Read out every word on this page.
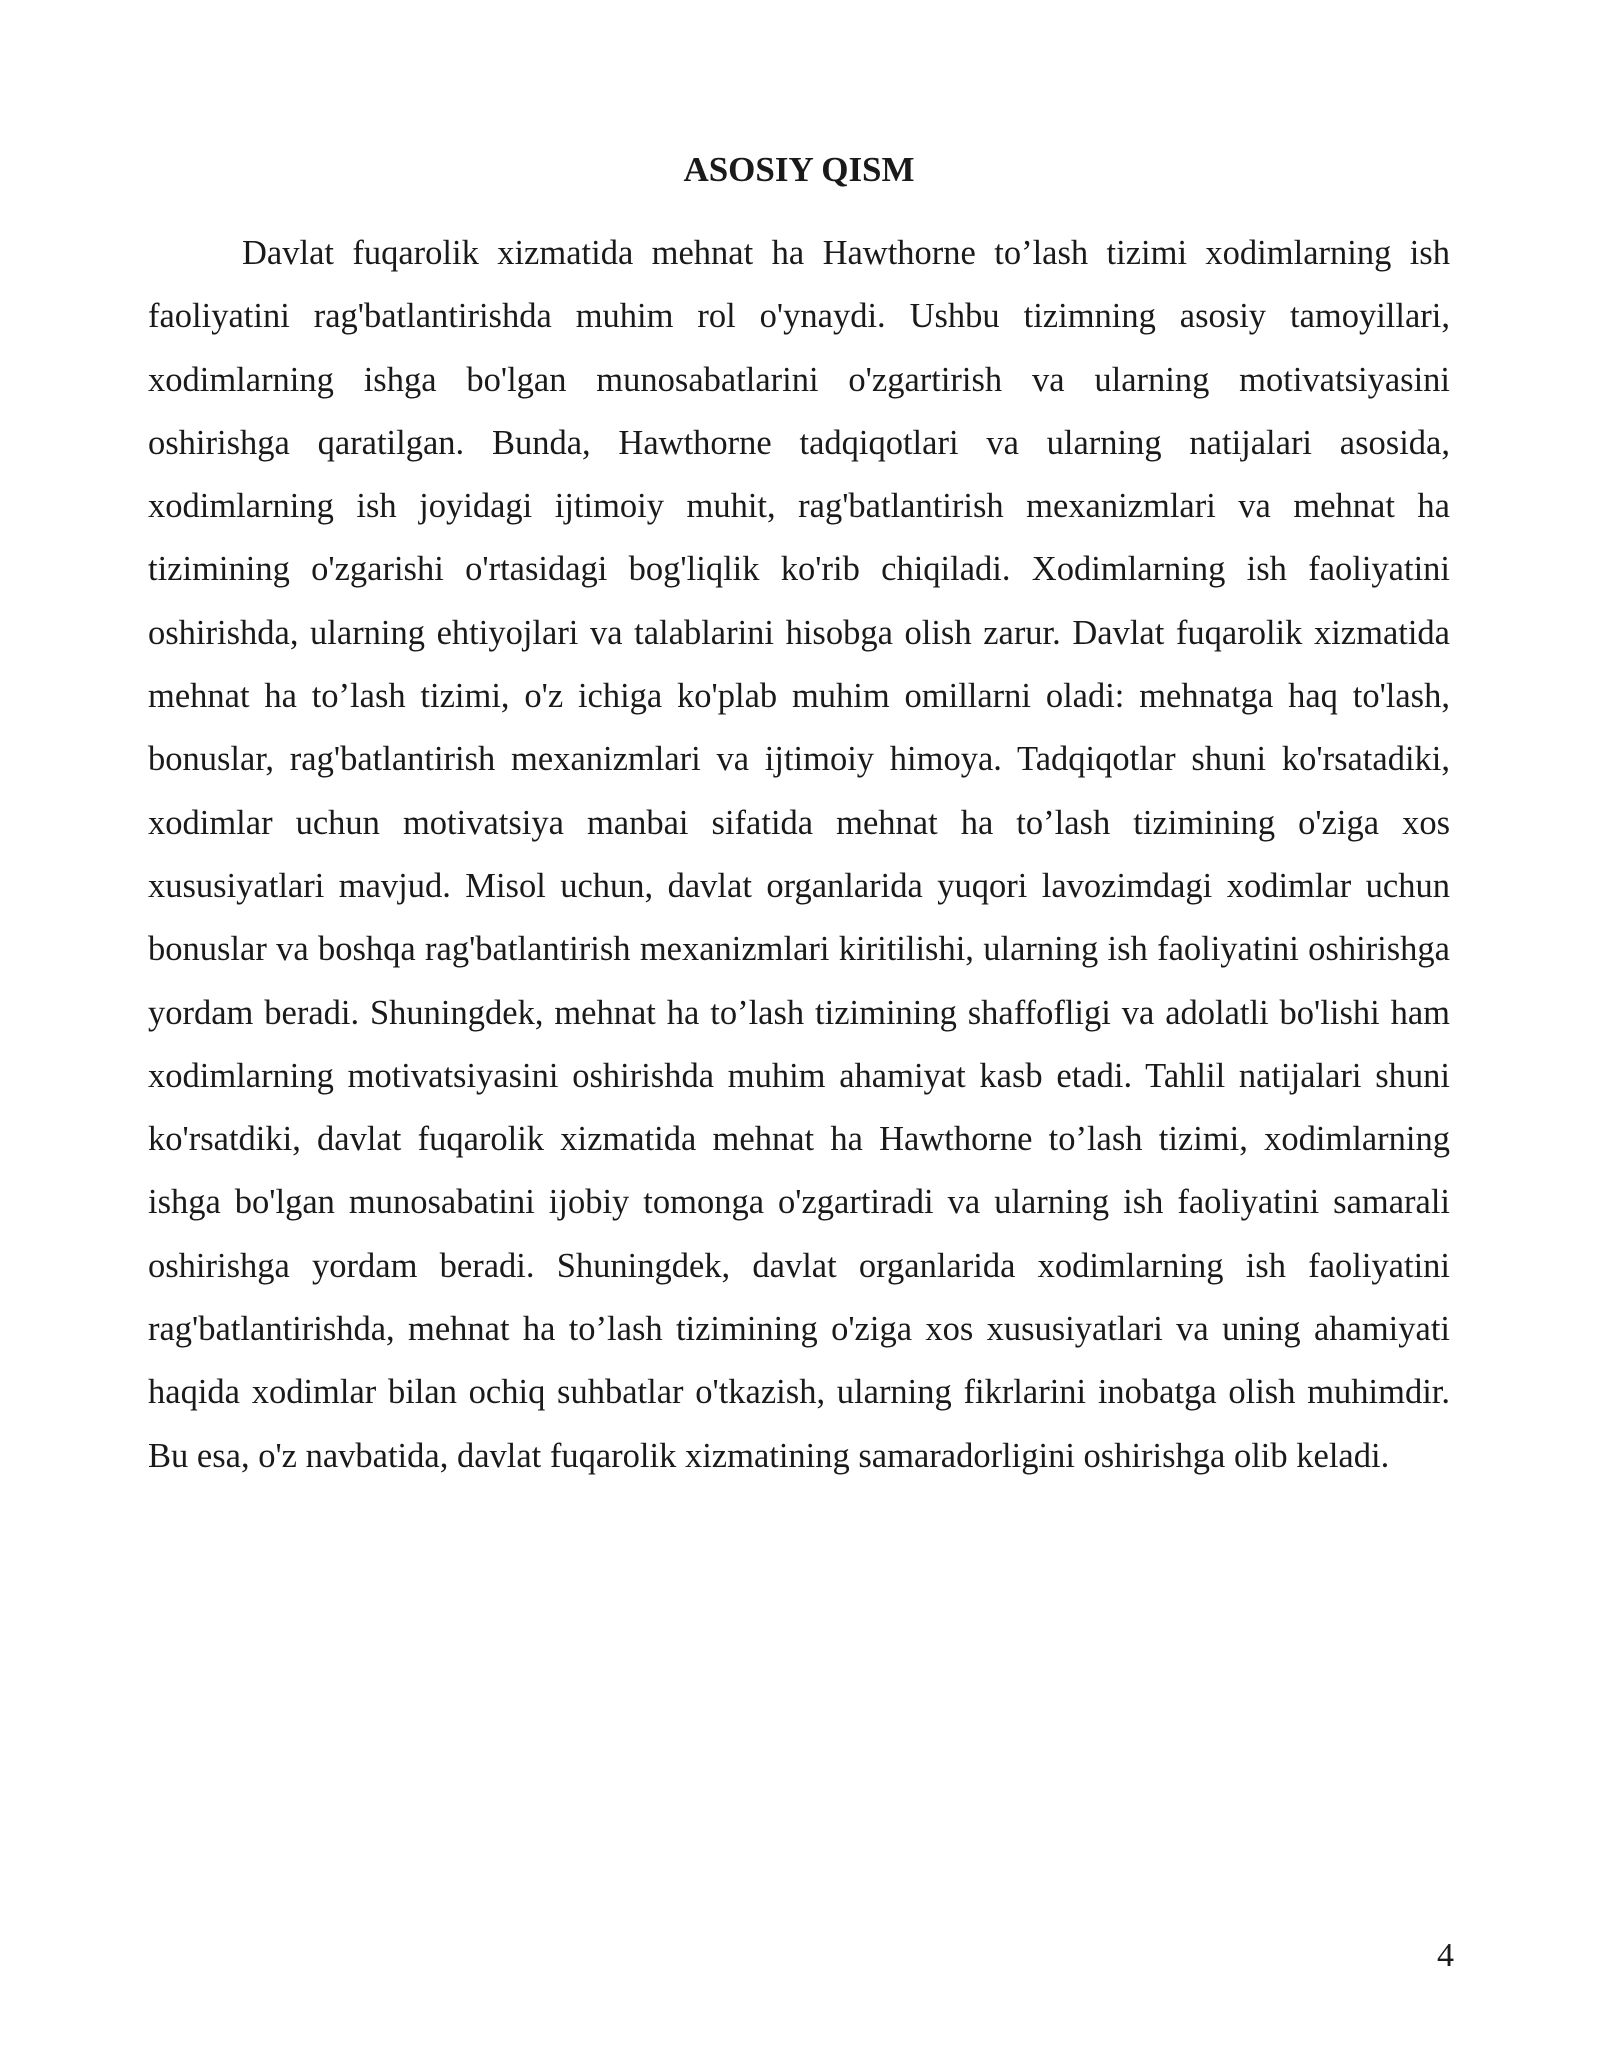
ASOSIY QISM

Davlat fuqarolik xizmatida mehnat ha Hawthorne to’lash tizimi xodimlarning ish faoliyatini rag'batlantirishda muhim rol o'ynaydi. Ushbu tizimning asosiy tamoyillari, xodimlarning ishga bo'lgan munosabatlarini o'zgartirish va ularning motivatsiyasini oshirishga qaratilgan. Bunda, Hawthorne tadqiqotlari va ularning natijalari asosida, xodimlarning ish joyidagi ijtimoiy muhit, rag'batlantirish mexanizmlari va mehnat ha tizimining o'zgarishi o'rtasidagi bog'liqlik ko'rib chiqiladi. Xodimlarning ish faoliyatini oshirishda, ularning ehtiyojlari va talablarini hisobga olish zarur. Davlat fuqarolik xizmatida mehnat ha to’lash tizimi, o'z ichiga ko'plab muhim omillarni oladi: mehnatga haq to'lash, bonuslar, rag'batlantirish mexanizmlari va ijtimoiy himoya. Tadqiqotlar shuni ko'rsatadiki, xodimlar uchun motivatsiya manbai sifatida mehnat ha to’lash tizimining o'ziga xos xususiyatlari mavjud. Misol uchun, davlat organlarida yuqori lavozimdagi xodimlar uchun bonuslar va boshqa rag'batlantirish mexanizmlari kiritilishi, ularning ish faoliyatini oshirishga yordam beradi. Shuningdek, mehnat ha to’lash tizimining shaffofligi va adolatli bo'lishi ham xodimlarning motivatsiyasini oshirishda muhim ahamiyat kasb etadi. Tahlil natijalari shuni ko'rsatdiki, davlat fuqarolik xizmatida mehnat ha Hawthorne to’lash tizimi, xodimlarning ishga bo'lgan munosabatini ijobiy tomonga o'zgartiradi va ularning ish faoliyatini samarali oshirishga yordam beradi. Shuningdek, davlat organlarida xodimlarning ish faoliyatini rag'batlantirishda, mehnat ha to’lash tizimining o'ziga xos xususiyatlari va uning ahamiyati haqida xodimlar bilan ochiq suhbatlar o'tkazish, ularning fikrlarini inobatga olish muhimdir. Bu esa, o'z navbatida, davlat fuqarolik xizmatining samaradorligini oshirishga olib keladi.

4
